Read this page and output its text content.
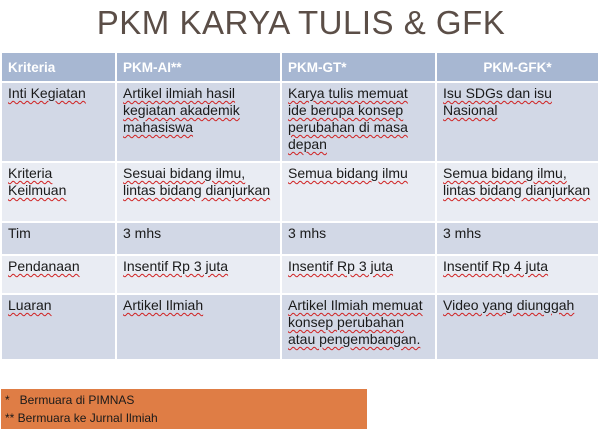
PKM KARYA TULIS & GFK
Kriteria	PKM-AI**	PKM-GT*	PKM-GFK*
Inti Kegiatan	Artikel ilmiah hasil kegiatan akademik mahasiswa	Karya tulis memuat ide berupa konsep perubahan di masa depan	Isu SDGs dan isu Nasional
Kriteria Keilmuan	Sesuai bidang ilmu, lintas bidang dianjurkan	Semua bidang ilmu	Semua bidang ilmu, lintas bidang dianjurkan
Tim	3 mhs	3 mhs	3 mhs
Pendanaan	Insentif Rp 3 juta	Insentif Rp 3 juta	Insentif Rp 4 juta
Luaran	Artikel Ilmiah	Artikel Ilmiah memuat konsep perubahan atau pengembangan.	Video yang diunggah
*   Bermuara di PIMNAS
** Bermuara ke Jurnal Ilmiah
